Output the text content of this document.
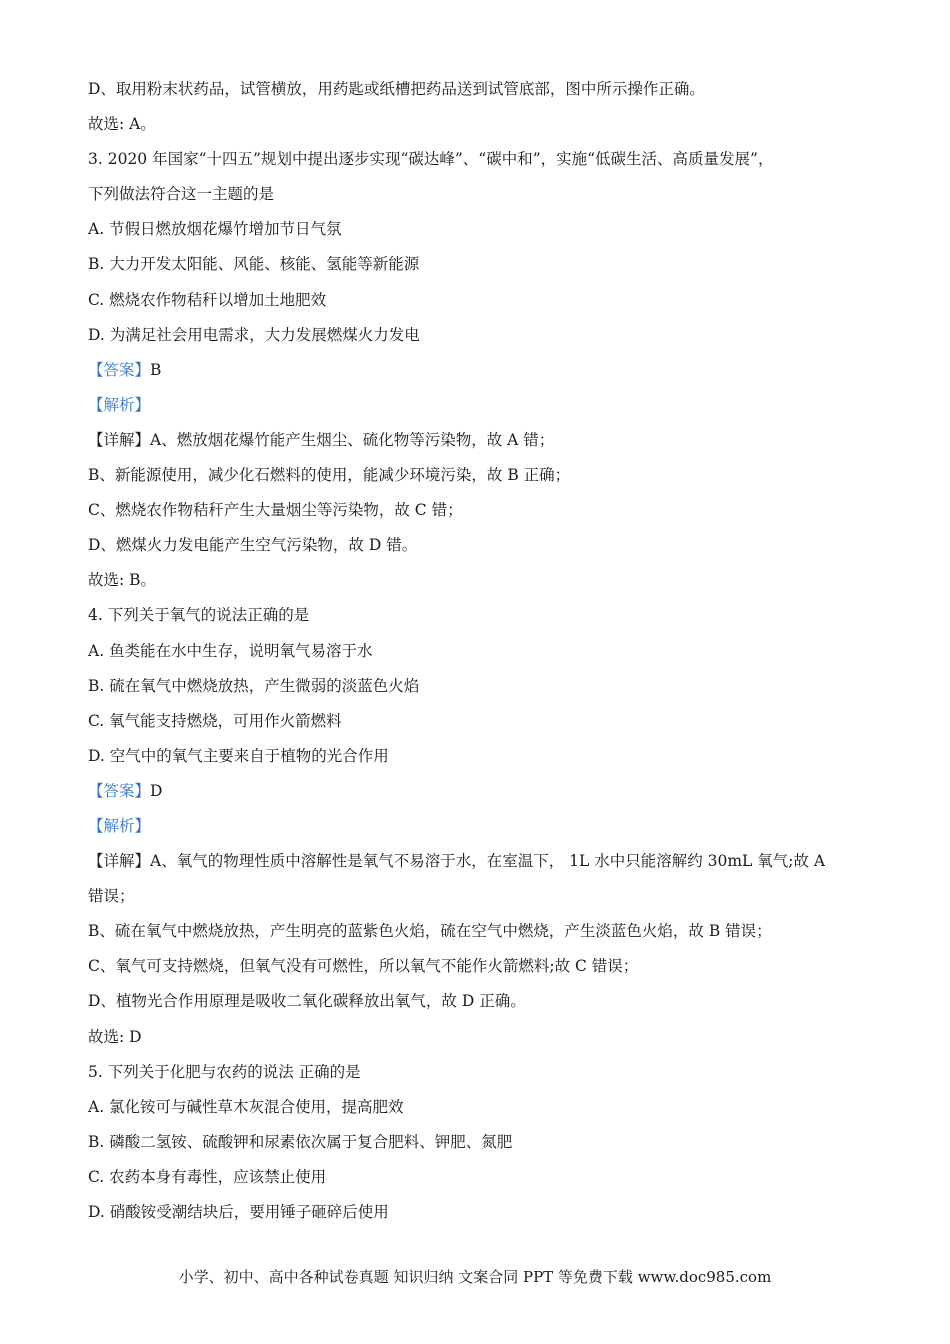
D、取用粉末状药品，试管横放，用药匙或纸槽把药品送到试管底部，图中所示操作正确。
故选: A。
3. 2020 年国家“十四五”规划中提出逐步实现“碳达峰”、“碳中和”，实施“低碳生活、高质量发展”，
下列做法符合这一主题的是
A. 节假日燃放烟花爆竹增加节日气氛
B. 大力开发太阳能、风能、核能、氢能等新能源
C. 燃烧农作物秸秆以增加土地肥效
D. 为满足社会用电需求，大力发展燃煤火力发电
【答案】B
【解析】
【详解】A、燃放烟花爆竹能产生烟尘、硫化物等污染物，故 A 错；
B、新能源使用，减少化石燃料的使用，能减少环境污染，故 B 正确；
C、燃烧农作物秸秆产生大量烟尘等污染物，故 C 错；
D、燃煤火力发电能产生空气污染物，故 D 错。
故选: B。
4. 下列关于氧气的说法正确的是
A. 鱼类能在水中生存，说明氧气易溶于水
B. 硫在氧气中燃烧放热，产生微弱的淡蓝色火焰
C. 氧气能支持燃烧，可用作火箭燃料
D. 空气中的氧气主要来自于植物的光合作用
【答案】D
【解析】
【详解】A、氧气的物理性质中溶解性是氧气不易溶于水，在室温下， 1L 水中只能溶解约 30mL 氧气;故 A
错误；
B、硫在氧气中燃烧放热，产生明亮的蓝紫色火焰，硫在空气中燃烧，产生淡蓝色火焰，故 B 错误；
C、氧气可支持燃烧，但氧气没有可燃性，所以氧气不能作火箭燃料;故 C 错误；
D、植物光合作用原理是吸收二氧化碳释放出氧气，故 D 正确。
故选: D
5. 下列关于化肥与农药的说法 正确的是
A. 氯化铵可与碱性草木灰混合使用，提高肥效
B. 磷酸二氢铵、硫酸钾和尿素依次属于复合肥料、钾肥、氮肥
C. 农药本身有毒性，应该禁止使用
D. 硝酸铵受潮结块后，要用锤子砸碎后使用
小学、初中、高中各种试卷真题 知识归纳 文案合同 PPT 等免费下载 www.doc985.com
